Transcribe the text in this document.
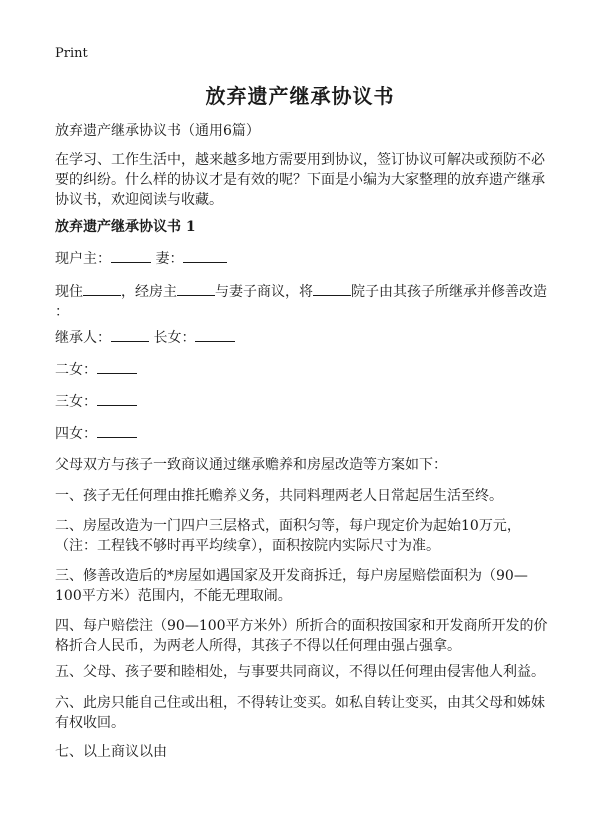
Print
放弃遗产继承协议书
放弃遗产继承协议书（通用6篇）
在学习、工作生活中，越来越多地方需要用到协议，签订协议可解决或预防不必要的纠纷。什么样的协议才是有效的呢？下面是小编为大家整理的放弃遗产继承协议书，欢迎阅读与收藏。
放弃遗产继承协议书 1
现户主：	妻：
现住	，经房主	与妻子商议，将	院子由其孩子所继承并修善改造
：
继承人：	长女：
二女：
三女：
四女：
父母双方与孩子一致商议通过继承赡养和房屋改造等方案如下：
一、孩子无任何理由推托赡养义务，共同料理两老人日常起居生活至终。
二、房屋改造为一门四户三层格式，面积匀等，每户现定价为起始10万元，（注：工程钱不够时再平均续拿），面积按院内实际尺寸为准。
三、修善改造后的*房屋如遇国家及开发商拆迁，每户房屋赔偿面积为（90—100平方米）范围内，不能无理取闹。
四、每户赔偿注（90—100平方米外）所折合的面积按国家和开发商所开发的价格折合人民币，为两老人所得，其孩子不得以任何理由强占强拿。
五、父母、孩子要和睦相处，与事要共同商议，不得以任何理由侵害他人利益。
六、此房只能自己住或出租，不得转让变买。如私自转让变买，由其父母和姊妹有权收回。
七、以上商议以由
